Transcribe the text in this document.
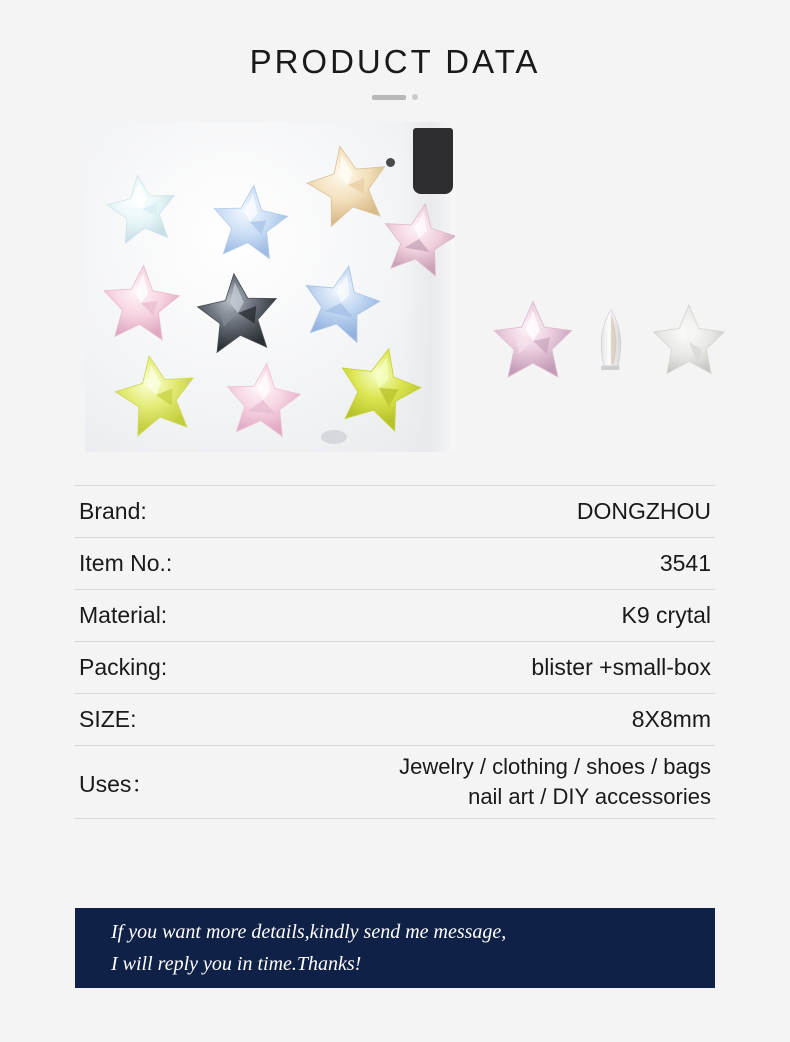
PRODUCT DATA
Brand:	DONGZHOU
Item No.:	3541
Material:	K9 crytal
Packing:	blister +small-box
SIZE:	8X8mm
Uses：
Jewelry / clothing / shoes / bags
nail art / DIY accessories
If you want more details,kindly send me message,
I will reply you in time.Thanks!
